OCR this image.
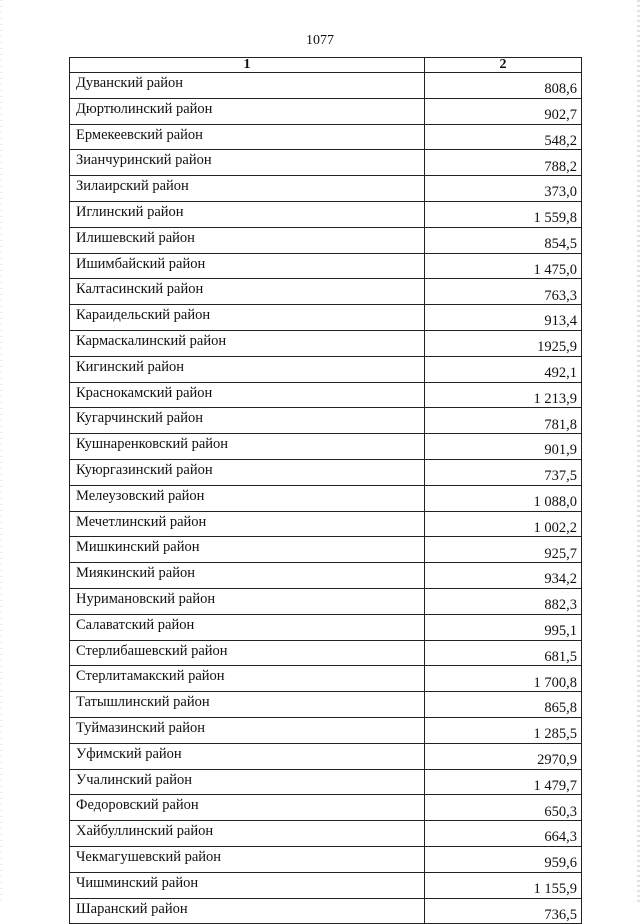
1077
1	2
Дуванский район	808,6
Дюртюлинский район	902,7
Ермекеевский район	548,2
Зианчуринский район	788,2
Зилаирский район	373,0
Иглинский район	1 559,8
Илишевский район	854,5
Ишимбайский район	1 475,0
Калтасинский район	763,3
Караидельский район	913,4
Кармаскалинский район	1925,9
Кигинский район	492,1
Краснокамский район	1 213,9
Кугарчинский район	781,8
Кушнаренковский район	901,9
Куюргазинский район	737,5
Мелеузовский район	1 088,0
Мечетлинский район	1 002,2
Мишкинский район	925,7
Миякинский район	934,2
Нуримановский район	882,3
Салаватский район	995,1
Стерлибашевский район	681,5
Стерлитамакский район	1 700,8
Татышлинский район	865,8
Туймазинский район	1 285,5
Уфимский район	2970,9
Учалинский район	1 479,7
Федоровский район	650,3
Хайбуллинский район	664,3
Чекмагушевский район	959,6
Чишминский район	1 155,9
Шаранский район	736,5
